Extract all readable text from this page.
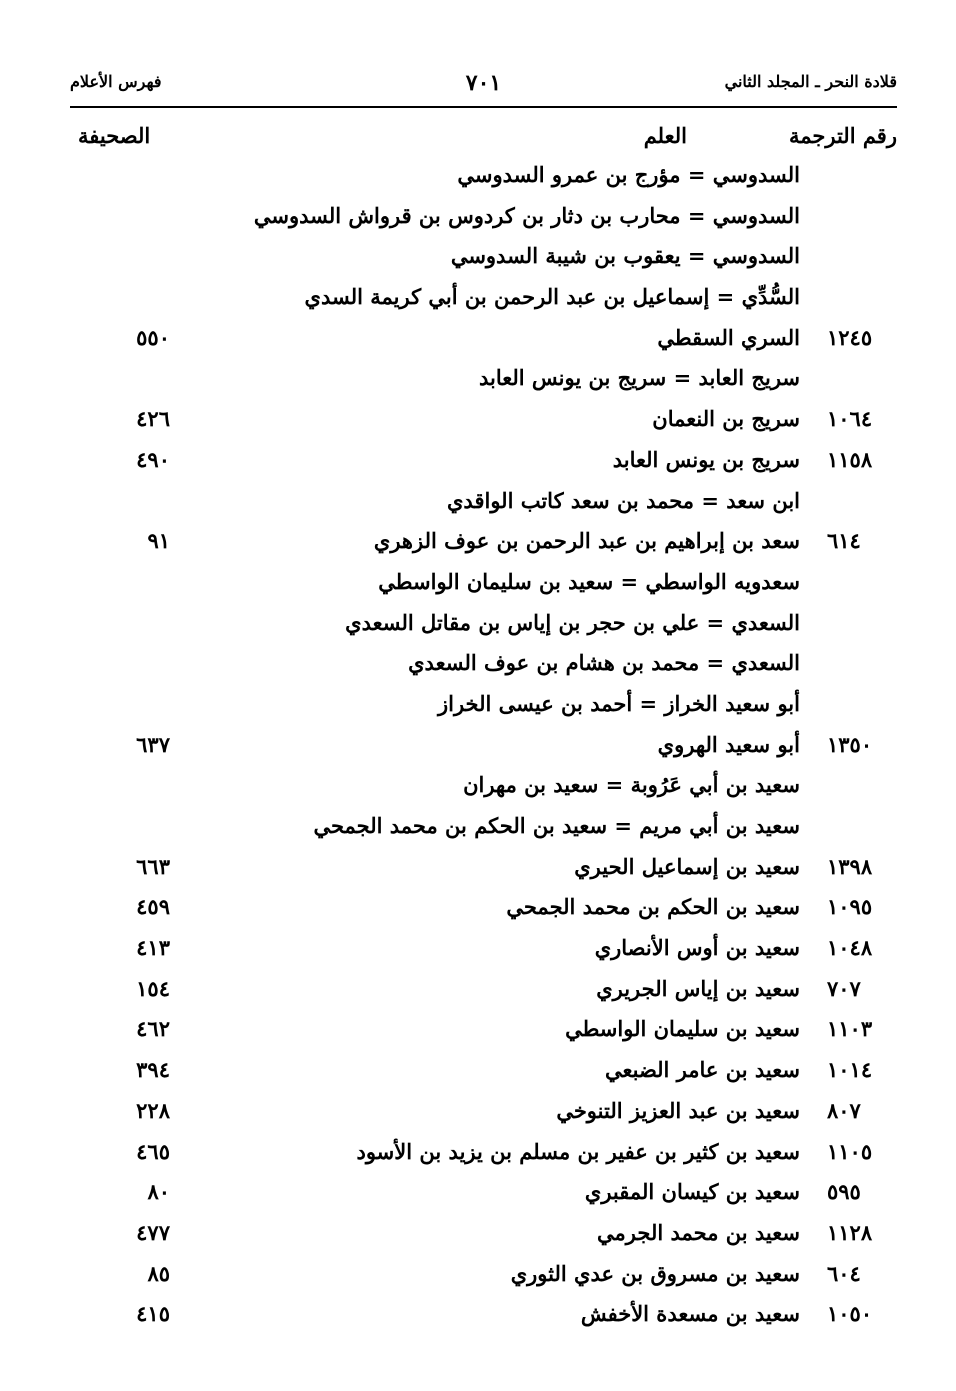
قلادة النحر ـ المجلد الثاني
٧٠١
فهرس الأعلام
رقم الترجمة
العلم
الصحيفة
السدوسي = مؤرج بن عمرو السدوسي
السدوسي = محارب بن دثار بن كردوس بن قرواش السدوسي
السدوسي = يعقوب بن شيبة السدوسي
السُّدِّي = إسماعيل بن عبد الرحمن بن أبي كريمة السدي
١٢٤٥
السري السقطي
٥٥٠
سريج العابد = سريج بن يونس العابد
١٠٦٤
سريج بن النعمان
٤٢٦
١١٥٨
سريج بن يونس العابد
٤٩٠
ابن سعد = محمد بن سعد كاتب الواقدي
٦١٤
سعد بن إبراهيم بن عبد الرحمن بن عوف الزهري
٩١
سعدويه الواسطي = سعيد بن سليمان الواسطي
السعدي = علي بن حجر بن إياس بن مقاتل السعدي
السعدي = محمد بن هشام بن عوف السعدي
أبو سعيد الخراز = أحمد بن عيسى الخراز
١٣٥٠
أبو سعيد الهروي
٦٣٧
سعيد بن أبي عَرُوبة = سعيد بن مهران
سعيد بن أبي مريم = سعيد بن الحكم بن محمد الجمحي
١٣٩٨
سعيد بن إسماعيل الحيري
٦٦٣
١٠٩٥
سعيد بن الحكم بن محمد الجمحي
٤٥٩
١٠٤٨
سعيد بن أوس الأنصاري
٤١٣
٧٠٧
سعيد بن إياس الجريري
١٥٤
١١٠٣
سعيد بن سليمان الواسطي
٤٦٢
١٠١٤
سعيد بن عامر الضبعي
٣٩٤
٨٠٧
سعيد بن عبد العزيز التنوخي
٢٢٨
١١٠٥
سعيد بن كثير بن عفير بن مسلم بن يزيد بن الأسود
٤٦٥
٥٩٥
سعيد بن كيسان المقبري
٨٠
١١٢٨
سعيد بن محمد الجرمي
٤٧٧
٦٠٤
سعيد بن مسروق بن عدي الثوري
٨٥
١٠٥٠
سعيد بن مسعدة الأخفش
٤١٥
